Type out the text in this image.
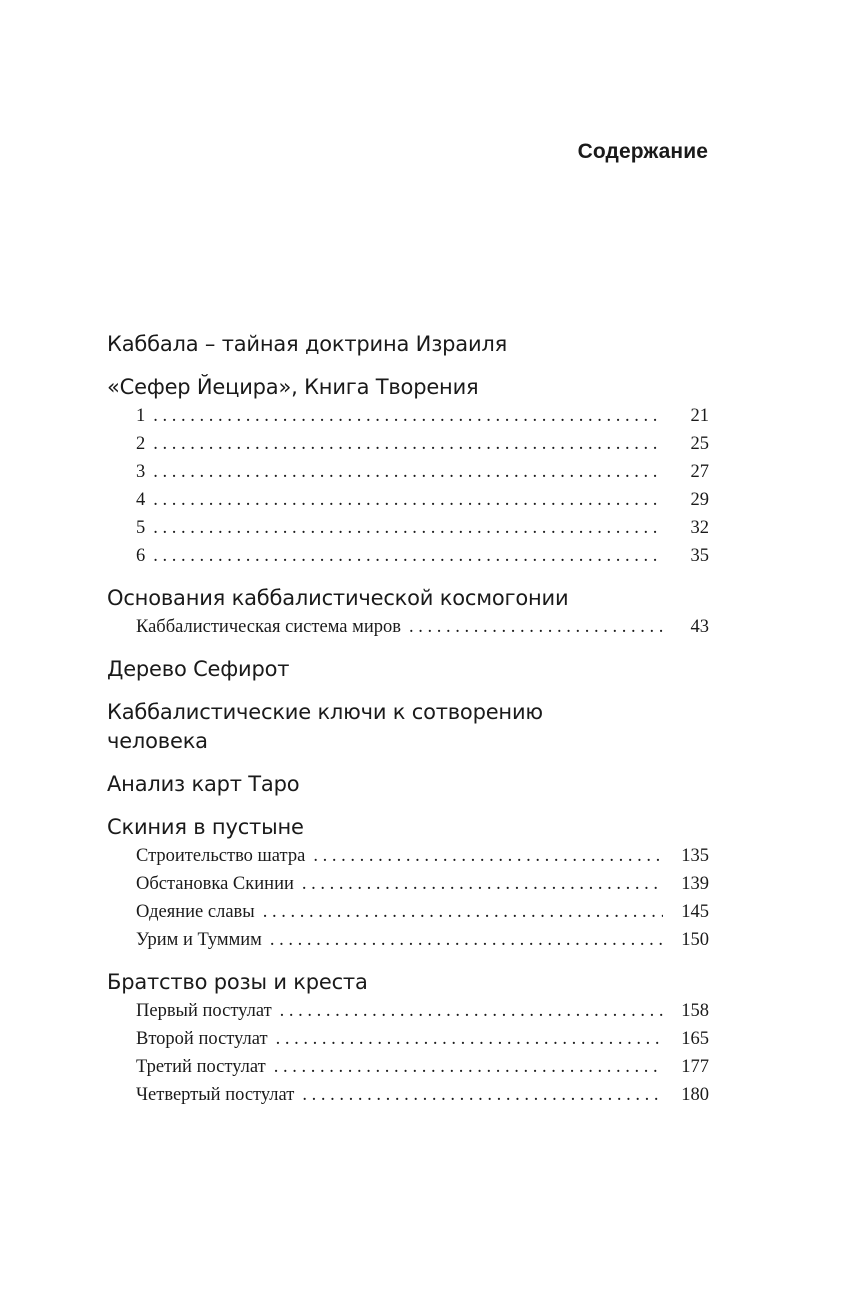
Содержание
Каббала – тайная доктрина Израиля
«Сефер Йецира», Книга Творения
1 . . .	21
2 . . .	25
3 . . .	27
4 . . .	29
5 . . .	32
6 . . .	35
Основания каббалистической космогонии
Каббалистическая система миров . . .	43
Дерево Сефирот
Каббалистические ключи к сотворению человека
Анализ карт Таро
Скиния в пустыне
Строительство шатра . . .	135
Обстановка Скинии . . .	139
Одеяние славы . . .	145
Урим и Туммим . . .	150
Братство розы и креста
Первый постулат . . .	158
Второй постулат . . .	165
Третий постулат . . .	177
Четвертый постулат . . .	180
